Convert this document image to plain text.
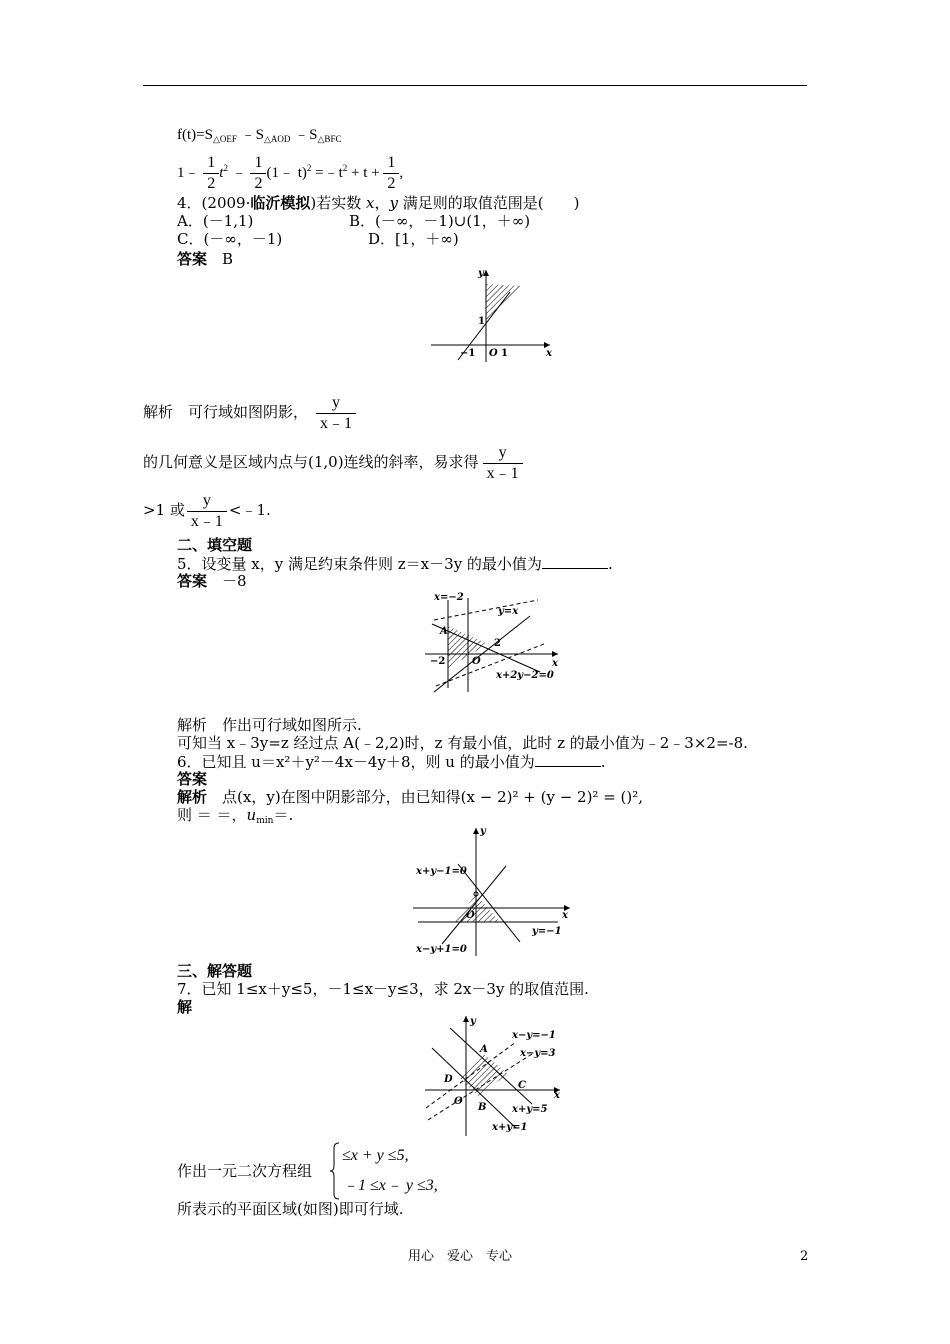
$f(t)=S_{\triangle OEF}$ $﹣S_{\triangle AOD}$ $﹣S_{\triangle BFC}$
1﹣ $\frac{1}{2} t^2$ ﹣ $\frac{1}{2}$ (1﹣ $t)^2 =﹣t^2 + t + \frac{1}{2}$ ,
4．(2009·临沂模拟)若实数 x，y 满足则的取值范围是(　　)
A．(－1,1)	B．(－∞，－1)∪(1，＋∞)
C．(－∞，－1)	D．[1，＋∞)
答案　 B
y
x
1
−1 O 1
解析　 可行域如图阴影， $\frac{y}{x﹣1}$
的几何意义是区域内点与(1,0)连线的斜率，易求得 $\frac{y}{x﹣1}$
>1 或 $\frac{y}{x﹣1}$ <﹣1.
二、填空题
5．设变量 x，y 满足约束条件则 z＝x－3y 的最小值为	.
答案　 －8
x=−2
y=x
A
2
−2	O	x
x+2y−2=0
解析　 作出可行域如图所示.
可知当 x﹣3y=z 经过点 A(﹣2,2)时，z 有最小值，此时 z 的最小值为﹣2﹣3×2=-8.
6．已知且 u＝x²＋y²－4x－4y＋8，则 u 的最小值为	.
答案
解析　 点(x，y)在图中阴影部分，由已知得(x − 2)² + (y − 2)² = ()²,
则 ＝ ＝，$u_{min}=$.
y
x
x+y−1=0
x−y+1=0
y=−1
O
三、解答题
7．已知 1≤x＋y≤5，－1≤x－y≤3，求 2x－3y 的取值范围.
解
y
x
x−y=−1
x−y=3
x+y=5
x+y=1
A
B
C
D
O
作出一元二次方程组
≤x + y ≤5,
﹣1 ≤x﹣ y ≤3,
所表示的平面区域(如图)即可行域.
用心　爱心　专心	2
